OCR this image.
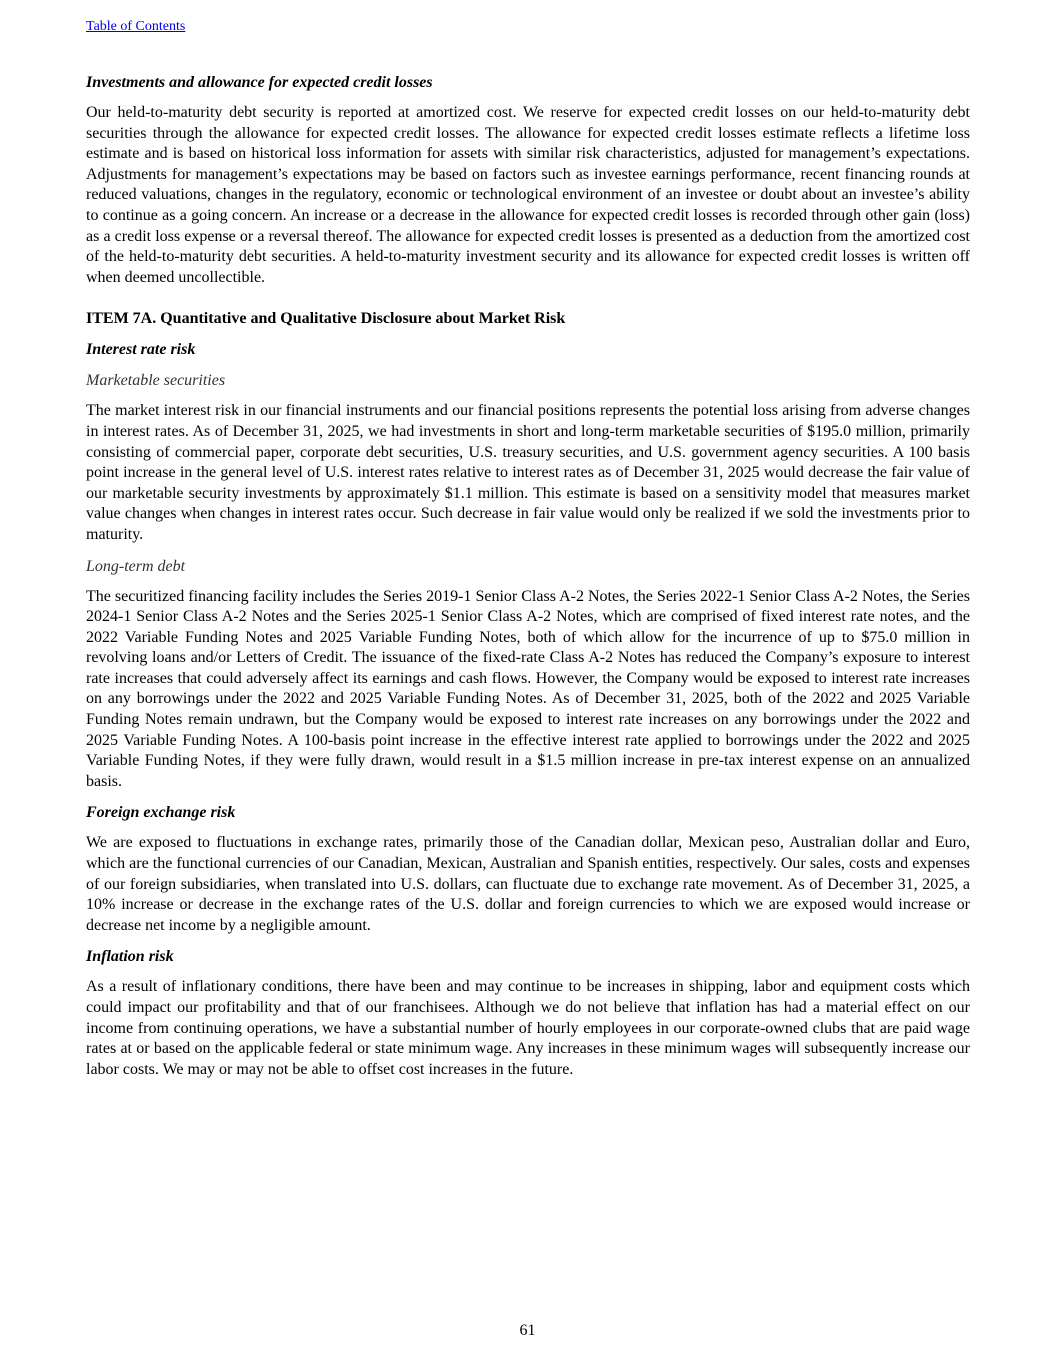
Table of Contents

Investments and allowance for expected credit losses

Our held-to-maturity debt security is reported at amortized cost. We reserve for expected credit losses on our held-to-maturity debt securities through the allowance for expected credit losses. The allowance for expected credit losses estimate reflects a lifetime loss estimate and is based on historical loss information for assets with similar risk characteristics, adjusted for management’s expectations. Adjustments for management’s expectations may be based on factors such as investee earnings performance, recent financing rounds at reduced valuations, changes in the regulatory, economic or technological environment of an investee or doubt about an investee’s ability to continue as a going concern. An increase or a decrease in the allowance for expected credit losses is recorded through other gain (loss) as a credit loss expense or a reversal thereof. The allowance for expected credit losses is presented as a deduction from the amortized cost of the held-to-maturity debt securities. A held-to-maturity investment security and its allowance for expected credit losses is written off when deemed uncollectible.

ITEM 7A. Quantitative and Qualitative Disclosure about Market Risk

Interest rate risk

Marketable securities

The market interest risk in our financial instruments and our financial positions represents the potential loss arising from adverse changes in interest rates. As of December 31, 2025, we had investments in short and long-term marketable securities of $195.0 million, primarily consisting of commercial paper, corporate debt securities, U.S. treasury securities, and U.S. government agency securities. A 100 basis point increase in the general level of U.S. interest rates relative to interest rates as of December 31, 2025 would decrease the fair value of our marketable security investments by approximately $1.1 million. This estimate is based on a sensitivity model that measures market value changes when changes in interest rates occur. Such decrease in fair value would only be realized if we sold the investments prior to maturity.

Long-term debt

The securitized financing facility includes the Series 2019-1 Senior Class A-2 Notes, the Series 2022-1 Senior Class A-2 Notes, the Series 2024-1 Senior Class A-2 Notes and the Series 2025-1 Senior Class A-2 Notes, which are comprised of fixed interest rate notes, and the 2022 Variable Funding Notes and 2025 Variable Funding Notes, both of which allow for the incurrence of up to $75.0 million in revolving loans and/or Letters of Credit. The issuance of the fixed-rate Class A-2 Notes has reduced the Company’s exposure to interest rate increases that could adversely affect its earnings and cash flows. However, the Company would be exposed to interest rate increases on any borrowings under the 2022 and 2025 Variable Funding Notes. As of December 31, 2025, both of the 2022 and 2025 Variable Funding Notes remain undrawn, but the Company would be exposed to interest rate increases on any borrowings under the 2022 and 2025 Variable Funding Notes. A 100-basis point increase in the effective interest rate applied to borrowings under the 2022 and 2025 Variable Funding Notes, if they were fully drawn, would result in a $1.5 million increase in pre-tax interest expense on an annualized basis.

Foreign exchange risk

We are exposed to fluctuations in exchange rates, primarily those of the Canadian dollar, Mexican peso, Australian dollar and Euro, which are the functional currencies of our Canadian, Mexican, Australian and Spanish entities, respectively. Our sales, costs and expenses of our foreign subsidiaries, when translated into U.S. dollars, can fluctuate due to exchange rate movement. As of December 31, 2025, a 10% increase or decrease in the exchange rates of the U.S. dollar and foreign currencies to which we are exposed would increase or decrease net income by a negligible amount.

Inflation risk

As a result of inflationary conditions, there have been and may continue to be increases in shipping, labor and equipment costs which could impact our profitability and that of our franchisees. Although we do not believe that inflation has had a material effect on our income from continuing operations, we have a substantial number of hourly employees in our corporate-owned clubs that are paid wage rates at or based on the applicable federal or state minimum wage. Any increases in these minimum wages will subsequently increase our labor costs. We may or may not be able to offset cost increases in the future.

61
